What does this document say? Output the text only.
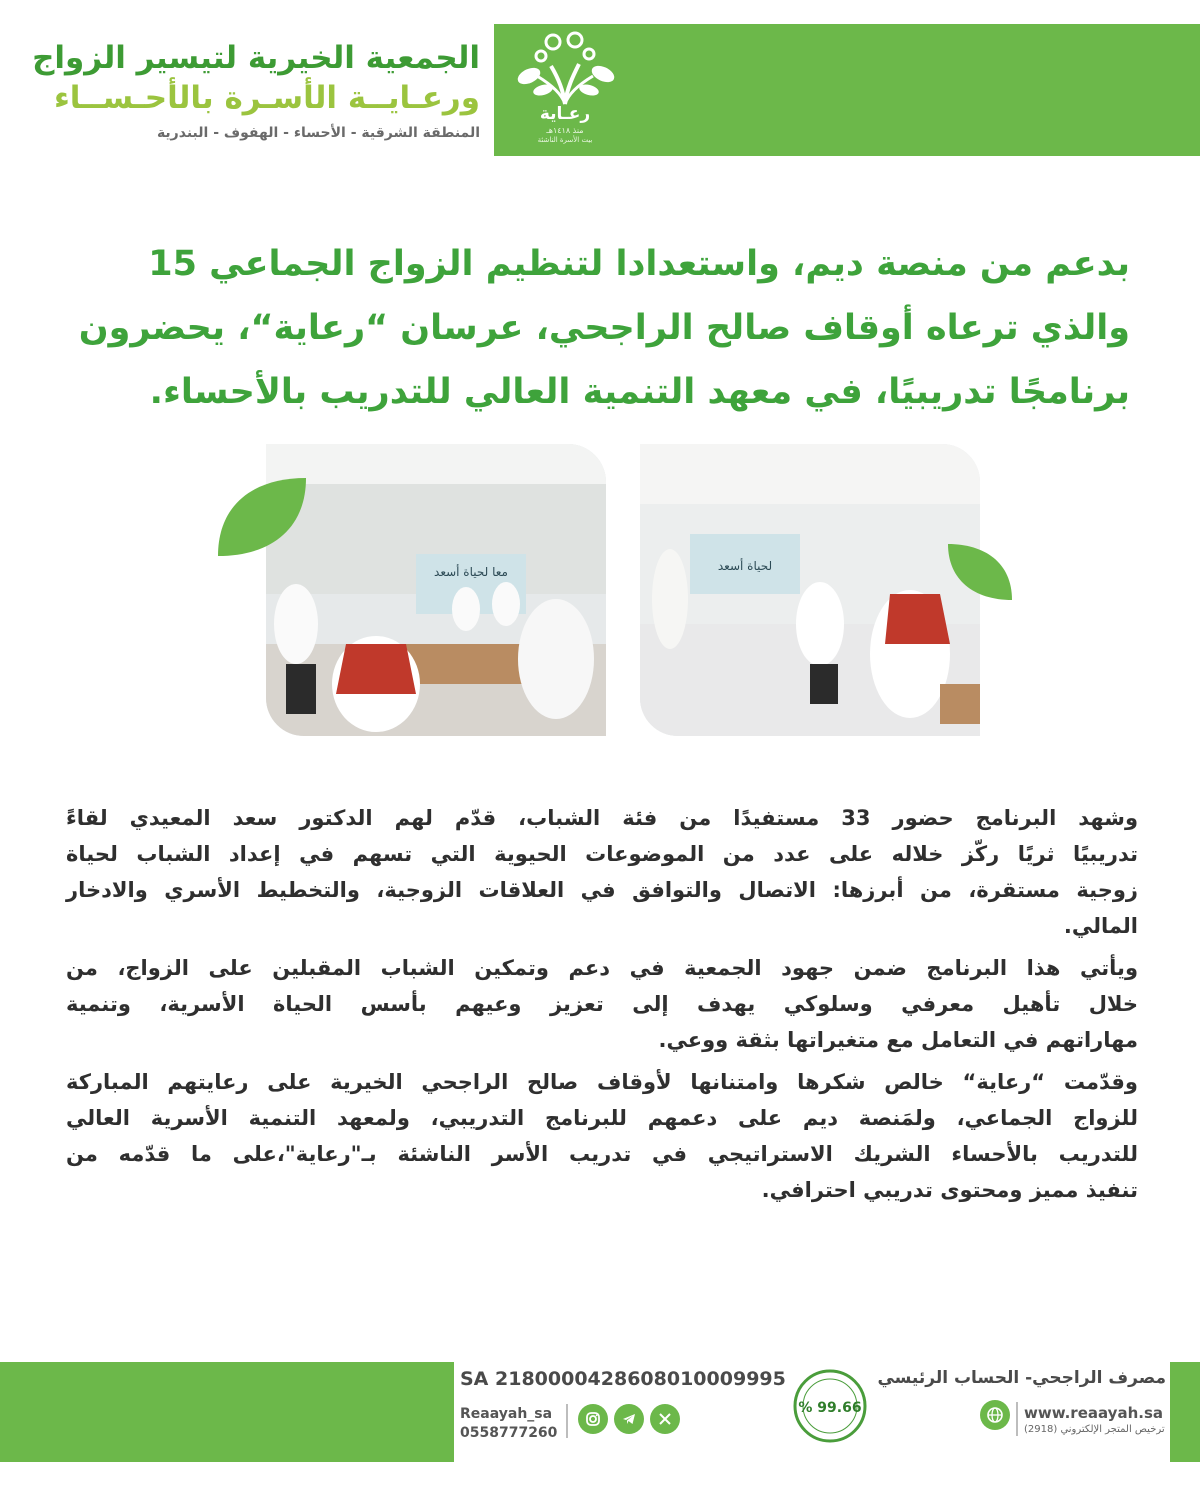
رعـاية
منذ ١٤١٨هـ
بيت الأسرة الناشئة
الجمعية الخيرية لتيسير الزواج
ورعـايــة الأسـرة بالأحـســاء
المنطقة الشرقية - الأحساء - الهفوف - البندرية
بدعم من منصة ديم، واستعدادا لتنظيم الزواج الجماعي 15
والذي ترعاه أوقاف صالح الراجحي، عرسان “رعاية“، يحضرون
برنامجًا تدريبيًا، في معهد التنمية العالي للتدريب بالأحساء.
معا لحياة أسعد	لحياة أسعد
وشهد البرنامج حضور 33 مستفيدًا من فئة الشباب، قدّم لهم الدكتور سعد المعيدي لقاءً
تدريبيًا ثريًا ركّز خلاله على عدد من الموضوعات الحيوية التي تسهم في إعداد الشباب لحياة
زوجية مستقرة، من أبرزها: الاتصال والتوافق في العلاقات الزوجية، والتخطيط الأسري والادخار
المالي.
ويأتي هذا البرنامج ضمن جهود الجمعية في دعم وتمكين الشباب المقبلين على الزواج، من
خلال تأهيل معرفي وسلوكي يهدف إلى تعزيز وعيهم بأسس الحياة الأسرية، وتنمية
مهاراتهم في التعامل مع متغيراتها بثقة ووعي.
وقدّمت “رعاية“ خالص شكرها وامتنانها لأوقاف صالح الراجحي الخيرية على رعايتهم المباركة
للزواج الجماعي، ولمَنصة ديم على دعمهم للبرنامج التدريبي، ولمعهد التنمية الأسرية العالي
للتدريب بالأحساء الشريك الاستراتيجي في تدريب الأسر الناشئة بـ"رعاية"،على ما قدّمه من
تنفيذ مميز ومحتوى تدريبي احترافي.
SA 2180000428608010009995
Reaayah_sa
0558777260
% 99.66
مصرف الراجحي- الحساب الرئيسي
www.reaayah.sa
ترخيص المتجر الإلكتروني (2918)
